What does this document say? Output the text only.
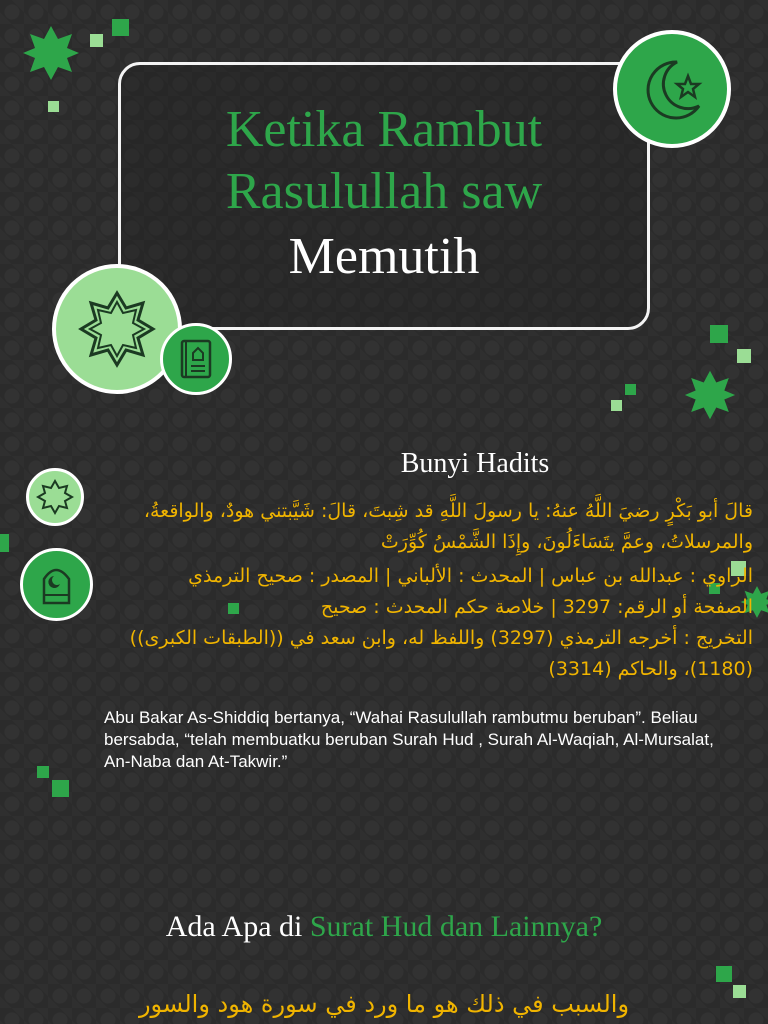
Ketika Rambut
Rasulullah saw
Memutih
Bunyi Hadits
قالَ أبو بَكْرٍ رضيَ اللَّهُ عنهُ: يا رسولَ اللَّهِ قد شِبتَ، قالَ: شَيَّبتني هودٌ، والواقعةُ،
والمرسلاتُ، وعمَّ يتَسَاءَلُونَ، وإِذَا الشَّمْسُ كُوِّرَتْ
الراوي : عبدالله بن عباس | المحدث : الألباني | المصدر : صحيح الترمذي
الصفحة أو الرقم: 3297 | خلاصة حكم المحدث : صحيح
التخريج : أخرجه الترمذي (3297) واللفظ له، وابن سعد في ((الطبقات الكبرى))
(1180)، والحاكم (3314)
Abu Bakar As-Shiddiq bertanya, “Wahai Rasulullah rambutmu beruban”. Beliau bersabda, “telah membuatku beruban Surah Hud , Surah Al-Waqiah, Al-Mursalat, An-Naba dan At-Takwir.”
Ada Apa di Surat Hud dan Lainnya?
والسبب في ذلك هو ما ورد في سورة هود والسور
